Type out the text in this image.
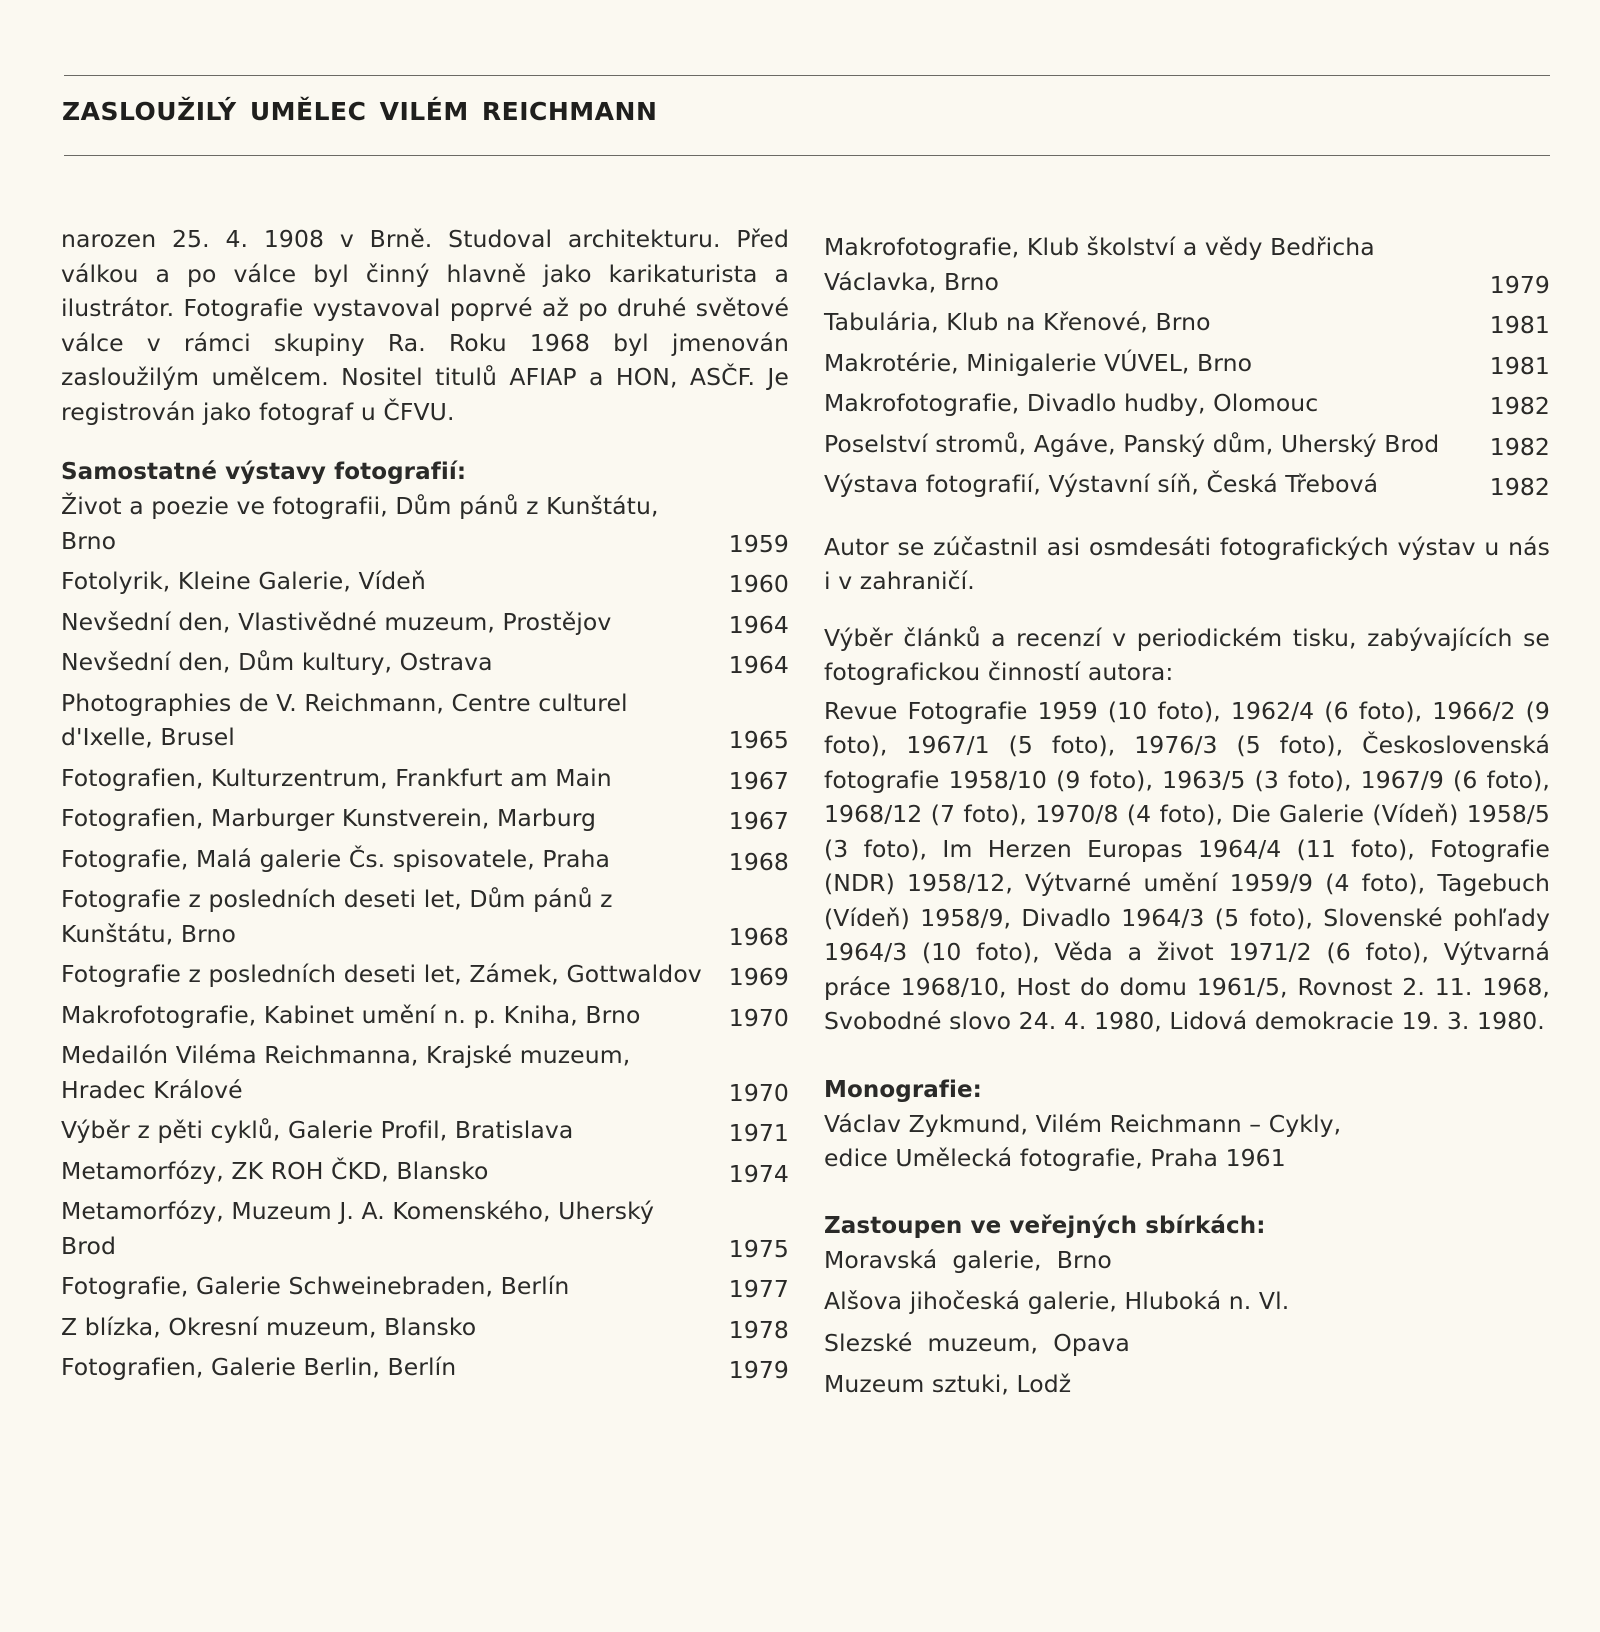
ZASLOUŽILÝ UMĚLEC VILÉM REICHMANN

narozen 25. 4. 1908 v Brně. Studoval architekturu. Před válkou a po válce byl činný hlavně jako karikaturista a ilustrátor. Fotografie vystavoval poprvé až po druhé světové válce v rámci skupiny Ra. Roku 1968 byl jmenován zasloužilým umělcem. Nositel titulů AFIAP a HON, ASČF. Je registrován jako fotograf u ČFVU.

Samostatné výstavy fotografií:

Život a poezie ve fotografii, Dům pánů z Kunštátu, Brno	1959
Fotolyrik, Kleine Galerie, Vídeň	1960
Nevšední den, Vlastivědné muzeum, Prostějov	1964
Nevšední den, Dům kultury, Ostrava	1964
Photographies de V. Reichmann, Centre culturel d'Ixelle, Brusel	1965
Fotografien, Kulturzentrum, Frankfurt am Main	1967
Fotografien, Marburger Kunstverein, Marburg	1967
Fotografie, Malá galerie Čs. spisovatele, Praha	1968
Fotografie z posledních deseti let, Dům pánů z Kunštátu, Brno	1968
Fotografie z posledních deseti let, Zámek, Gottwaldov 1969
Makrofotografie, Kabinet umění n. p. Kniha, Brno	1970
Medailón Viléma Reichmanna, Krajské muzeum, Hradec Králové	1970
Výběr z pěti cyklů, Galerie Profil, Bratislava	1971
Metamorfózy, ZK ROH ČKD, Blansko	1974
Metamorfózy, Muzeum J. A. Komenského, Uherský Brod	1975
Fotografie, Galerie Schweinebraden, Berlín	1977
Z blízka, Okresní muzeum, Blansko	1978
Fotografien, Galerie Berlin, Berlín	1979
Makrofotografie, Klub školství a vědy Bedřicha Václavka, Brno	1979
Tabulária, Klub na Křenové, Brno	1981
Makrotérie, Minigalerie VÚVEL, Brno	1981
Makrofotografie, Divadlo hudby, Olomouc	1982
Poselství stromů, Agáve, Panský dům, Uherský Brod 1982
Výstava fotografií, Výstavní síň, Česká Třebová	1982

Autor se zúčastnil asi osmdesáti fotografických výstav u nás i v zahraničí.

Výběr článků a recenzí v periodickém tisku, zabývajících se fotografickou činností autora:

Revue Fotografie 1959 (10 foto), 1962/4 (6 foto), 1966/2 (9 foto), 1967/1 (5 foto), 1976/3 (5 foto), Československá fotografie 1958/10 (9 foto), 1963/5 (3 foto), 1967/9 (6 foto), 1968/12 (7 foto), 1970/8 (4 foto), Die Galerie (Vídeň) 1958/5 (3 foto), Im Herzen Europas 1964/4 (11 foto), Fotografie (NDR) 1958/12, Výtvarné umění 1959/9 (4 foto), Tagebuch (Vídeň) 1958/9, Divadlo 1964/3 (5 foto), Slovenské pohľady 1964/3 (10 foto), Věda a život 1971/2 (6 foto), Výtvarná práce 1968/10, Host do domu 1961/5, Rovnost 2. 11. 1968, Svobodné slovo 24. 4. 1980, Lidová demokracie 19. 3. 1980.

Monografie:

Václav Zykmund, Vilém Reichmann – Cykly,

edice Umělecká fotografie, Praha 1961

Zastoupen ve veřejných sbírkách:

Moravská  galerie,  Brno

Alšova jihočeská galerie, Hluboká n. Vl.

Slezské  muzeum,  Opava

Muzeum sztuki, Lodž
